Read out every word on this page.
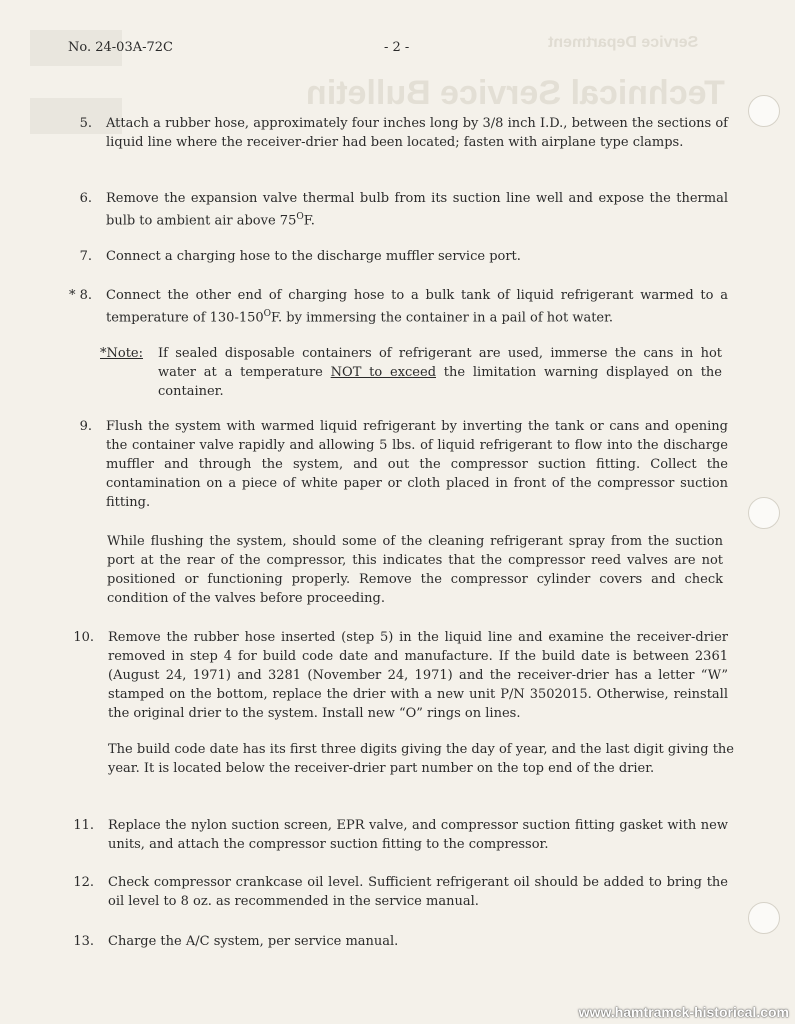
Service Department
Technical Service Bulletin
No. 24-03A-72C	- 2 -
5. Attach a rubber hose, approximately four inches long by 3/8 inch I.D., between the sections of liquid line where the receiver-drier had been located; fasten with airplane type clamps.
6. Remove the expansion valve thermal bulb from its suction line well and expose the thermal bulb to ambient air above $75^OF$.
7. Connect a charging hose to the discharge muffler service port.
* 8. Connect the other end of charging hose to a bulk tank of liquid refrigerant warmed to a temperature of $130-150^OF$. by immersing the container in a pail of hot water.
*Note: If sealed disposable containers of refrigerant are used, immerse the cans in hot water at a temperature NOT to exceed the limitation warning displayed on the container.
9. Flush the system with warmed liquid refrigerant by inverting the tank or cans and opening the container valve rapidly and allowing 5 lbs. of liquid refrigerant to flow into the discharge muffler and through the system, and out the compressor suction fitting. Collect the contamination on a piece of white paper or cloth placed in front of the compressor suction fitting.
While flushing the system, should some of the cleaning refrigerant spray from the suction port at the rear of the compressor, this indicates that the compressor reed valves are not positioned or functioning properly. Remove the compressor cylinder covers and check condition of the valves before proceeding.
10. Remove the rubber hose inserted (step 5) in the liquid line and examine the receiver-drier removed in step 4 for build code date and manufacture. If the build date is between 2361 (August 24, 1971) and 3281 (November 24, 1971) and the receiver-drier has a letter “W” stamped on the bottom, replace the drier with a new unit P/N 3502015. Otherwise, reinstall the original drier to the system. Install new “O” rings on lines.
The build code date has its first three digits giving the day of year, and the last digit giving the year. It is located below the receiver-drier part number on the top end of the drier.
11. Replace the nylon suction screen, EPR valve, and compressor suction fitting gasket with new units, and attach the compressor suction fitting to the compressor.
12. Check compressor crankcase oil level. Sufficient refrigerant oil should be added to bring the oil level to 8 oz. as recommended in the service manual.
13. Charge the A/C system, per service manual.
www.hamtramck-historical.com
